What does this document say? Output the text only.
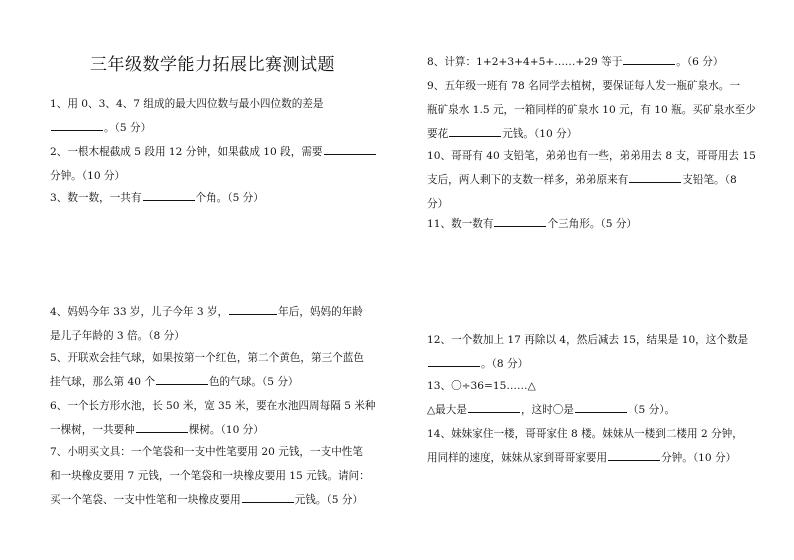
三年级数学能力拓展比赛测试题
1、用 0、3、4、7 组成的最大四位数与最小四位数的差是
。（5 分）
2、一根木棍截成 5 段用 12 分钟，如果截成 10 段，需要
分钟。（10 分）
3、数一数，一共有	个角。（5 分）
4、妈妈今年 33 岁，儿子今年 3 岁，	年后，妈妈的年龄
是儿子年龄的 3 倍。（8 分）
5、开联欢会挂气球，如果按第一个红色，第二个黄色，第三个蓝色
挂气球，那么第 40 个	色的气球。（5 分）
6、一个长方形水池，长 50 米，宽 35 米，要在水池四周每隔 5 米种
一棵树，一共要种	棵树。（10 分）
7、小明买文具：一个笔袋和一支中性笔要用 20 元钱，一支中性笔
和一块橡皮要用 7 元钱，一个笔袋和一块橡皮要用 15 元钱。请问：
买一个笔袋、一支中性笔和一块橡皮要用	元钱。（5 分）
8、计算：1+2+3+4+5+……+29 等于	。（6 分）
9、五年级一班有 78 名同学去植树，要保证每人发一瓶矿泉水。一
瓶矿泉水 1.5 元，一箱同样的矿泉水 10 元，有 10 瓶。买矿泉水至少
要花	元钱。（10 分）
10、哥哥有 40 支铅笔，弟弟也有一些，弟弟用去 8 支，哥哥用去 15
支后，两人剩下的支数一样多，弟弟原来有	支铅笔。（8
分）
11、数一数有	个三角形。（5 分）
12、一个数加上 17 再除以 4，然后减去 15，结果是 10，这个数是
。（8 分）
13、〇÷36=15……△
△最大是	，这时〇是	（5 分）。
14、妹妹家住一楼，哥哥家住 8 楼。妹妹从一楼到二楼用 2 分钟，
用同样的速度，妹妹从家到哥哥家要用	分钟。（10 分）
